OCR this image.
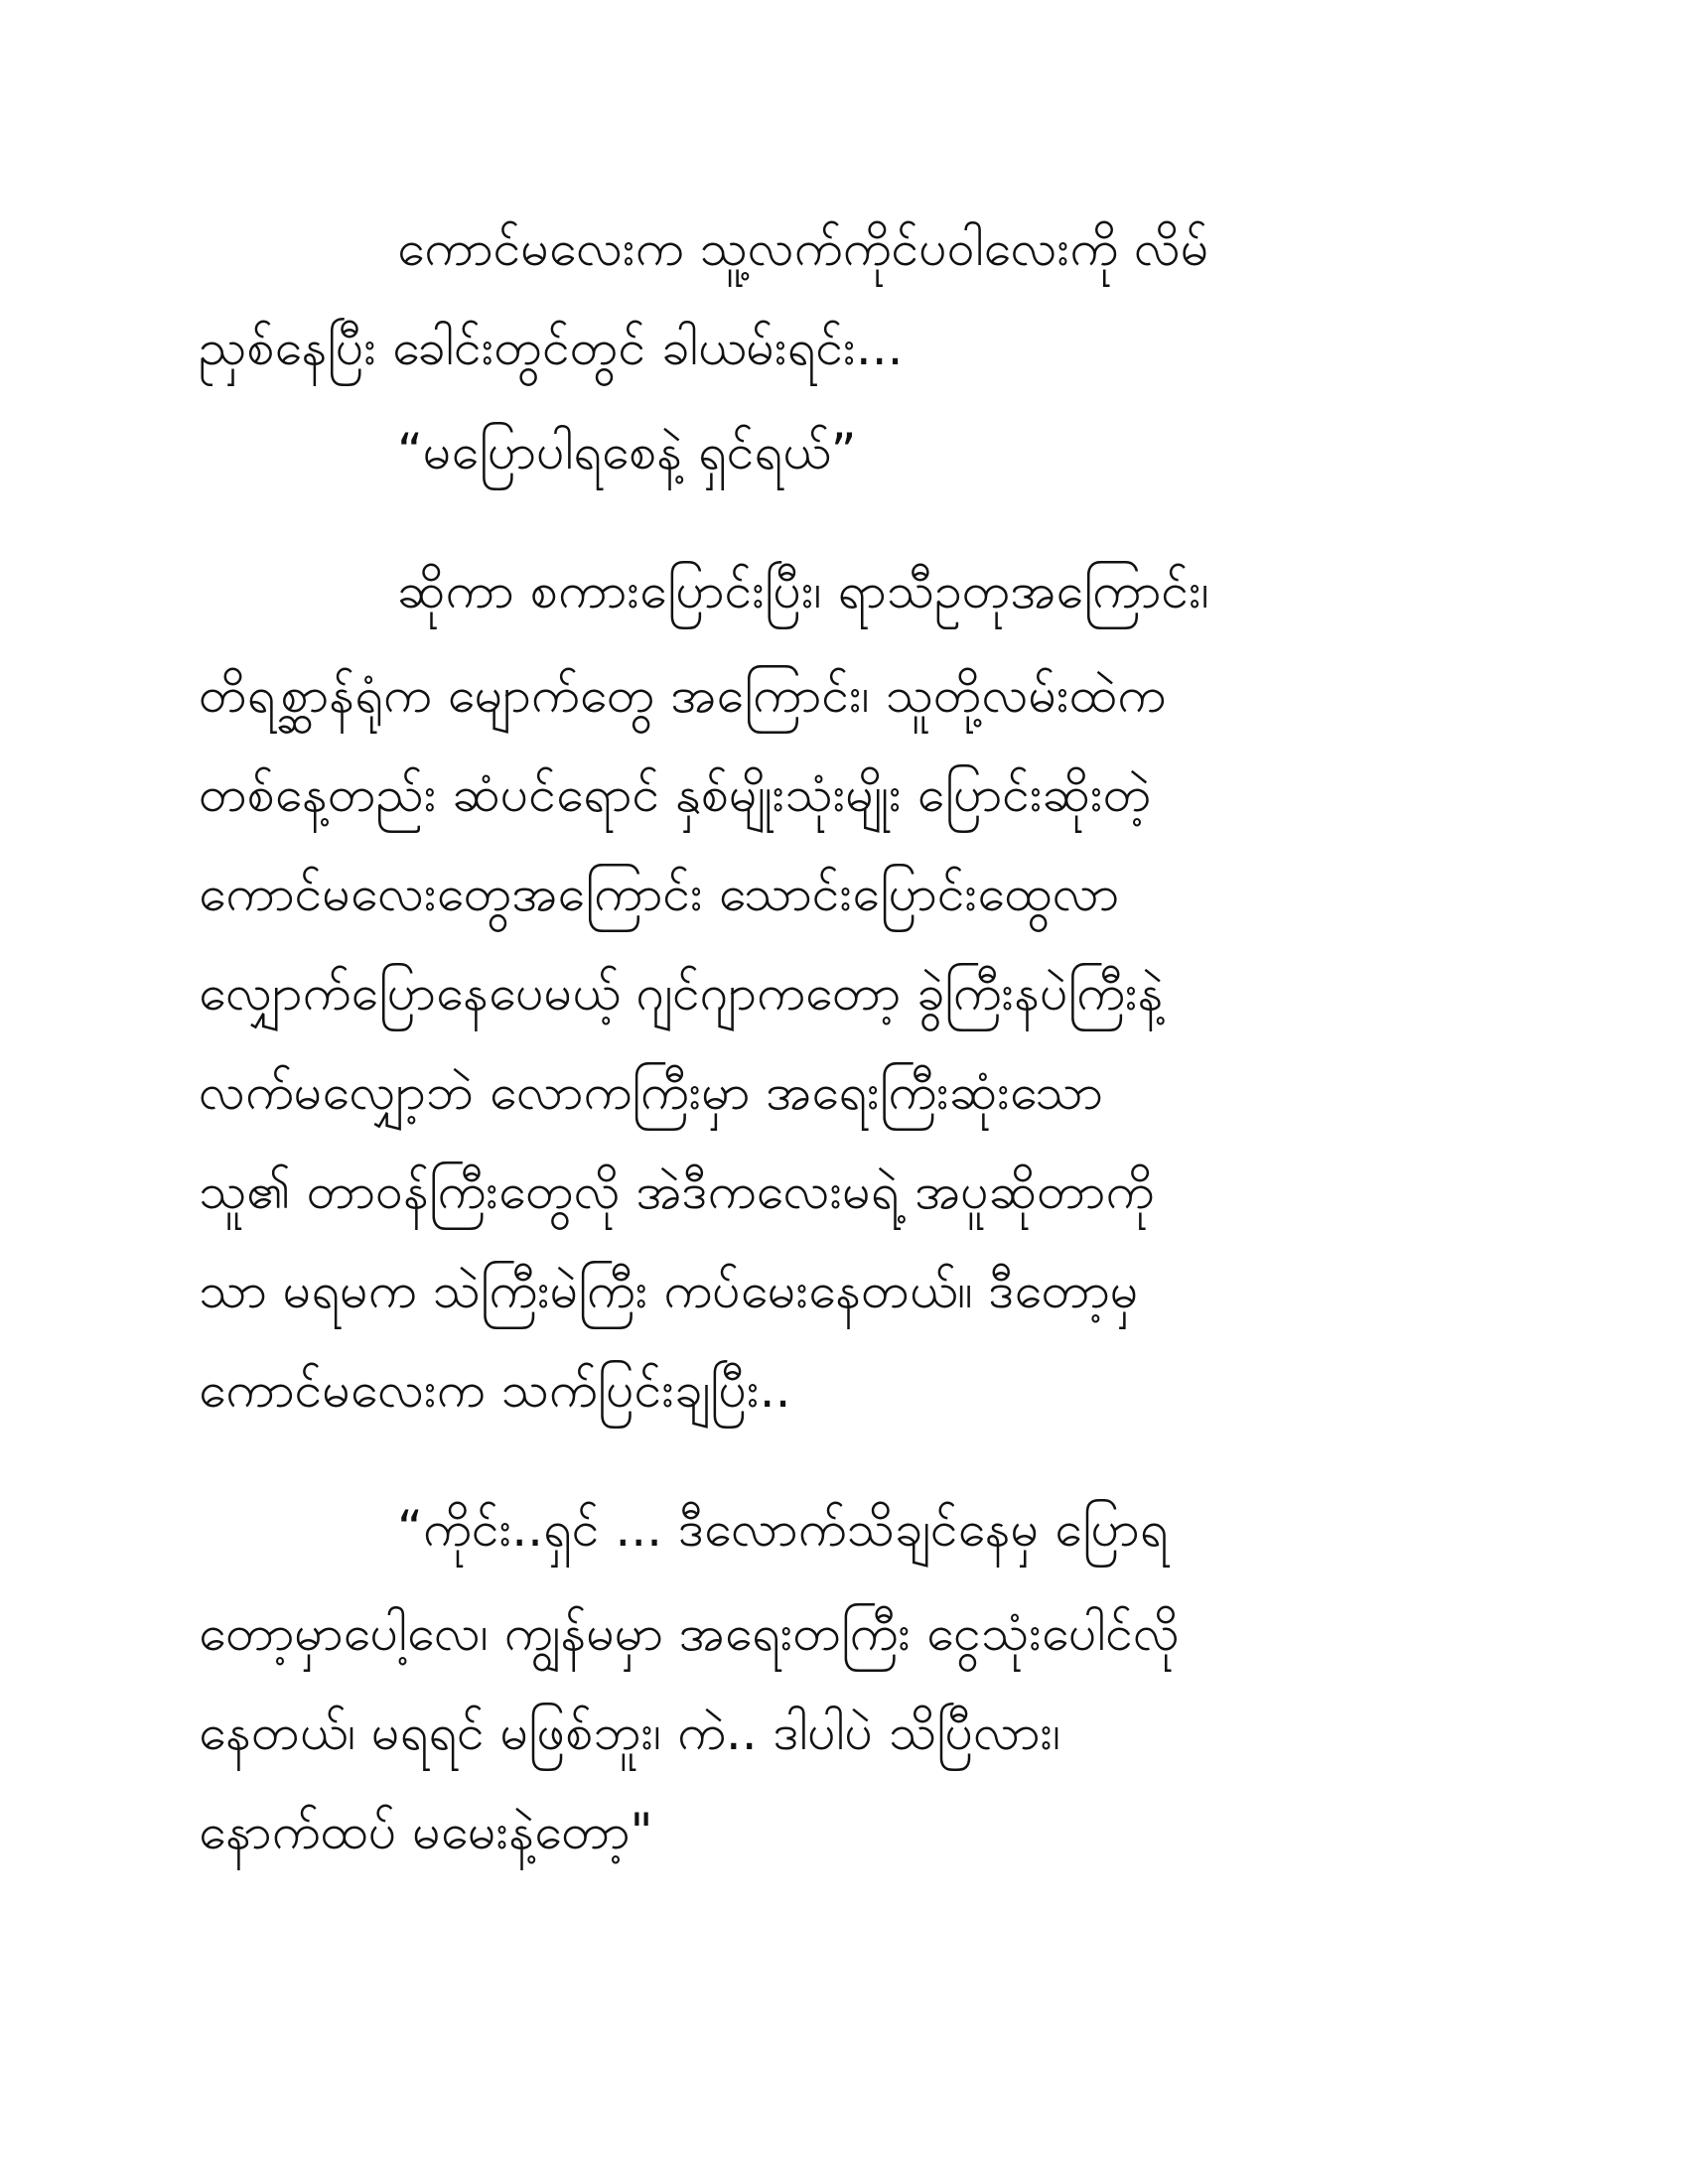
ကောင်မလေးက သူ့လက်ကိုင်ပဝါလေးကို လိမ်

ညှစ်နေပြီး ခေါင်းတွင်တွင် ခါယမ်းရင်း...

“မပြောပါရစေနဲ့ ရှင်ရယ်”

ဆိုကာ စကားပြောင်းပြီး၊ ရာသီဥတုအကြောင်း၊

တိရစ္ဆာန်ရုံက မျောက်တွေ အကြောင်း၊ သူတို့လမ်းထဲက

တစ်နေ့တည်း ဆံပင်ရောင် နှစ်မျိုးသုံးမျိုး ပြောင်းဆိုးတဲ့

ကောင်မလေးတွေအကြောင်း သောင်းပြောင်းထွေလာ

လျှောက်ပြောနေပေမယ့် ဂျင်ဂျာကတော့ ခွဲကြီးနပဲကြီးနဲ့

လက်မလျှော့ဘဲ လောကကြီးမှာ အရေးကြီးဆုံးသော

သူ၏ တာဝန်ကြီးတွေလို အဲဒီကလေးမရဲ့ အပူဆိုတာကို

သာ မရမက သဲကြီးမဲကြီး ကပ်မေးနေတယ်။ ဒီတော့မှ

ကောင်မလေးက သက်ပြင်းချပြီး..

“ကိုင်း..ရှင် ... ဒီလောက်သိချင်နေမှ ပြောရ

တော့မှာပေါ့လေ၊ ကျွန်မမှာ အရေးတကြီး ငွေသုံးပေါင်လို

နေတယ်၊ မရရင် မဖြစ်ဘူး၊ ကဲ.. ဒါပါပဲ သိပြီလား၊

နောက်ထပ် မမေးနဲ့တော့"
